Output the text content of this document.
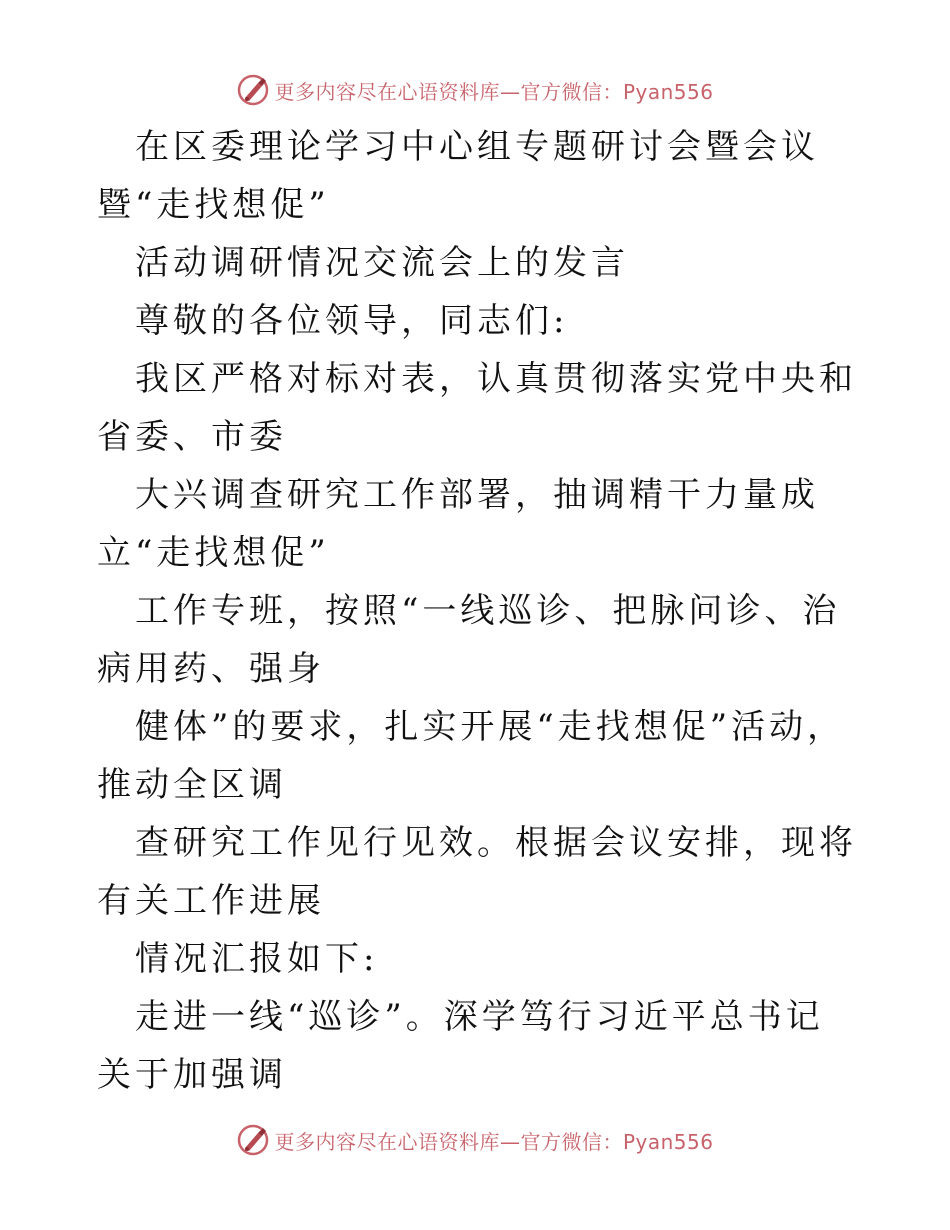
更多内容尽在心语资料库—官方微信：Pyan556

在区委理论学习中心组专题研讨会暨会议暨“走找想促”

活动调研情况交流会上的发言

尊敬的各位领导，同志们:

我区严格对标对表，认真贯彻落实党中央和省委、市委

大兴调查研究工作部署，抽调精干力量成立“走找想促”

工作专班，按照“一线巡诊、把脉问诊、治病用药、强身

健体”的要求，扎实开展“走找想促”活动，推动全区调

查研究工作见行见效。根据会议安排，现将有关工作进展

情况汇报如下:

走进一线“巡诊”。深学笃行习近平总书记关于加强调

更多内容尽在心语资料库—官方微信：Pyan556
